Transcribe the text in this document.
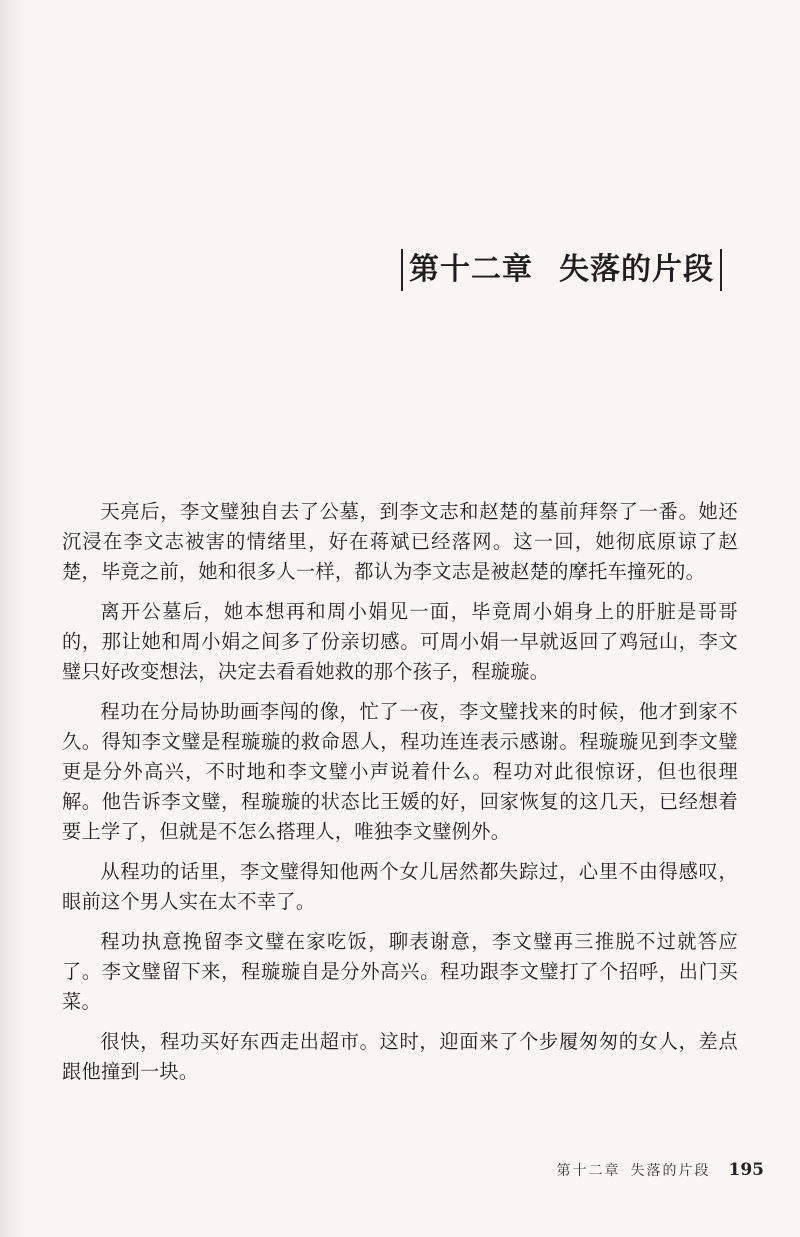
第十二章 失落的片段

天亮后，李文璧独自去了公墓，到李文志和赵楚的墓前拜祭了一番。她还沉浸在李文志被害的情绪里，好在蒋斌已经落网。这一回，她彻底原谅了赵楚，毕竟之前，她和很多人一样，都认为李文志是被赵楚的摩托车撞死的。

离开公墓后，她本想再和周小娟见一面，毕竟周小娟身上的肝脏是哥哥的，那让她和周小娟之间多了份亲切感。可周小娟一早就返回了鸡冠山，李文璧只好改变想法，决定去看看她救的那个孩子，程璇璇。

程功在分局协助画李闯的像，忙了一夜，李文璧找来的时候，他才到家不久。得知李文璧是程璇璇的救命恩人，程功连连表示感谢。程璇璇见到李文璧更是分外高兴，不时地和李文璧小声说着什么。程功对此很惊讶，但也很理解。他告诉李文璧，程璇璇的状态比王媛的好，回家恢复的这几天，已经想着要上学了，但就是不怎么搭理人，唯独李文璧例外。

从程功的话里，李文璧得知他两个女儿居然都失踪过，心里不由得感叹，眼前这个男人实在太不幸了。

程功执意挽留李文璧在家吃饭，聊表谢意，李文璧再三推脱不过就答应了。李文璧留下来，程璇璇自是分外高兴。程功跟李文璧打了个招呼，出门买菜。

很快，程功买好东西走出超市。这时，迎面来了个步履匆匆的女人，差点跟他撞到一块。

第十二章 失落的片段 195
